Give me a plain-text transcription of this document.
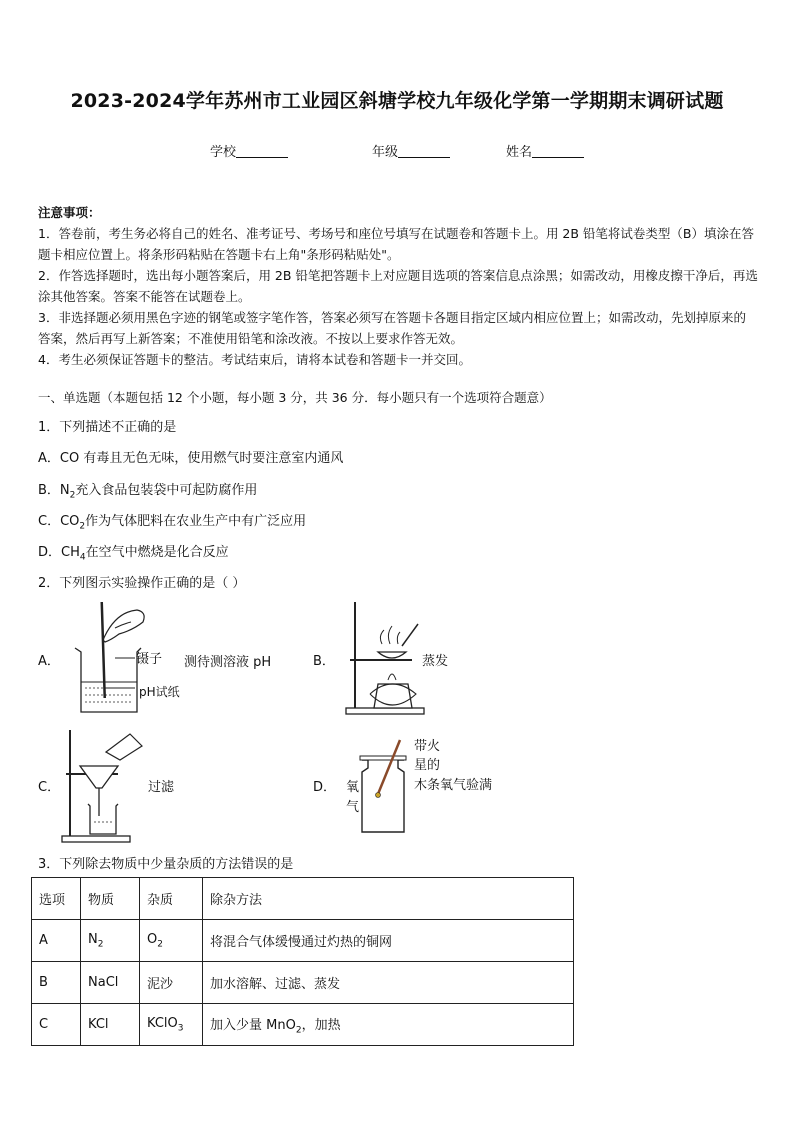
2023-2024学年苏州市工业园区斜塘学校九年级化学第一学期期末调研试题
学校	年级	姓名

注意事项：

1．答卷前，考生务必将自己的姓名、准考证号、考场号和座位号填写在试题卷和答题卡上。用 2B 铅笔将试卷类型（B）填涂在答题卡相应位置上。将条形码粘贴在答题卡右上角"条形码粘贴处"。

2．作答选择题时，选出每小题答案后，用 2B 铅笔把答题卡上对应题目选项的答案信息点涂黑；如需改动，用橡皮擦干净后，再选涂其他答案。答案不能答在试题卷上。

3．非选择题必须用黑色字迹的钢笔或签字笔作答，答案必须写在答题卡各题目指定区域内相应位置上；如需改动，先划掉原来的答案，然后再写上新答案；不准使用铅笔和涂改液。不按以上要求作答无效。

4．考生必须保证答题卡的整洁。考试结束后，请将本试卷和答题卡一并交回。

一、单选题（本题包括 12 个小题，每小题 3 分，共 36 分．每小题只有一个选项符合题意）
1．下列描述不正确的是
A．CO 有毒且无色无味，使用燃气时要注意室内通风
B．$N_2$充入食品包装袋中可起防腐作用
C．$CO_2$作为气体肥料在农业生产中有广泛应用
D．$CH_4$在空气中燃烧是化合反应
2．下列图示实验操作正确的是（ ）
A．	镊子 测待测溶液 pH
pH试纸
B．	蒸发
C．	过滤	D． 氧
气
带火
星的
木条氧气验满
3．下列除去物质中少量杂质的方法错误的是
选项	物质	杂质	除杂方法
A	$N_2$	$O_2$	将混合气体缓慢通过灼热的铜网
B	NaCl	泥沙	加水溶解、过滤、蒸发
C	KCl	KClO$_3$	加入少量 MnO$_2$，加热
